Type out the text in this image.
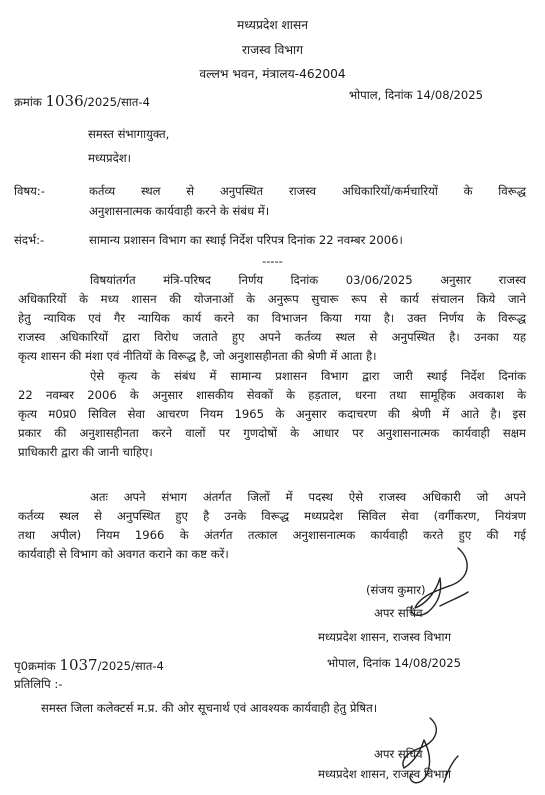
मध्यप्रदेश शासन
राजस्व विभाग
वल्लभ भवन, मंत्रालय-462004
क्रमांक 1036/2025/सात-4	भोपाल, दिनांक 14/08/2025
समस्त संभागायुक्त,
मध्यप्रदेश।
विषय:-	कर्तव्य स्थल से अनुपस्थित राजस्व अधिकारियों/कर्मचारियों के विरूद्ध
अनुशासनात्मक कार्यवाही करने के संबंध में।
संदर्भ:-	सामान्य प्रशासन विभाग का स्थाई निर्देश परिपत्र दिनांक 22 नवम्बर 2006।
-----
विषयांतर्गत मंत्रि-परिषद निर्णय दिनांक 03/06/2025 अनुसार राजस्व
अधिकारियों के मध्य शासन की योजनाओं के अनुरूप सुचारू रूप से कार्य संचालन किये जाने
हेतु न्यायिक एवं गैर न्यायिक कार्य करने का विभाजन किया गया है। उक्त निर्णय के विरूद्ध
राजस्व अधिकारियों द्वारा विरोध जताते हुए अपने कर्तव्य स्थल से अनुपस्थित है। उनका यह
कृत्य शासन की मंशा एवं नीतियों के विरूद्ध है, जो अनुशासहीनता की श्रेणी में आता है।
ऐसे कृत्य के संबंध में सामान्य प्रशासन विभाग द्वारा जारी स्थाई निर्देश दिनांक
22 नवम्बर 2006 के अनुसार शासकीय सेवकों के हड़ताल, धरना तथा सामूहिक अवकाश के
कृत्य म0प्र0 सिविल सेवा आचरण नियम 1965 के अनुसार कदाचरण की श्रेणी में आते है। इस
प्रकार की अनुशासहीनता करने वालों पर गुणदोषों के आधार पर अनुशासनात्मक कार्यवाही सक्षम
प्राधिकारी द्वारा की जानी चाहिए।
अतः अपने संभाग अंतर्गत जिलों में पदस्थ ऐसे राजस्व अधिकारी जो अपने
कर्तव्य स्थल से अनुपस्थित हुए है उनके विरूद्ध मध्यप्रदेश सिविल सेवा (वर्गीकरण, नियंत्रण
तथा अपील) नियम 1966 के अंतर्गत तत्काल अनुशासनात्मक कार्यवाही करते हुए की गई
कार्यवाही से विभाग को अवगत कराने का कष्ट करें।
(संजय कुमार)
अपर सचिव
मध्यप्रदेश शासन, राजस्व विभाग
पृ0क्रमांक 1037/2025/सात-4	भोपाल, दिनांक 14/08/2025
प्रतिलिपि :-
समस्त जिला कलेक्टर्स म.प्र. की ओर सूचनार्थ एवं आवश्यक कार्यवाही हेतु प्रेषित।
अपर सचिव
मध्यप्रदेश शासन, राजस्व विभाग
